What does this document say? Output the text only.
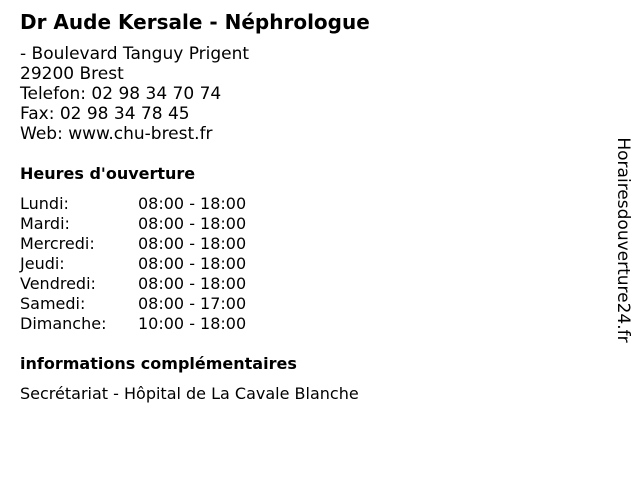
Dr Aude Kersale - Néphrologue
- Boulevard Tanguy Prigent
29200 Brest
Telefon: 02 98 34 70 74
Fax: 02 98 34 78 45
Web: www.chu-brest.fr
Heures d'ouverture
Lundi:	08:00 - 18:00
Mardi:	08:00 - 18:00
Mercredi:	08:00 - 18:00
Jeudi:	08:00 - 18:00
Vendredi:	08:00 - 18:00
Samedi:	08:00 - 17:00
Dimanche: 10:00 - 18:00
informations complémentaires
Secrétariat - Hôpital de La Cavale Blanche
Horairesdouverture24.fr
